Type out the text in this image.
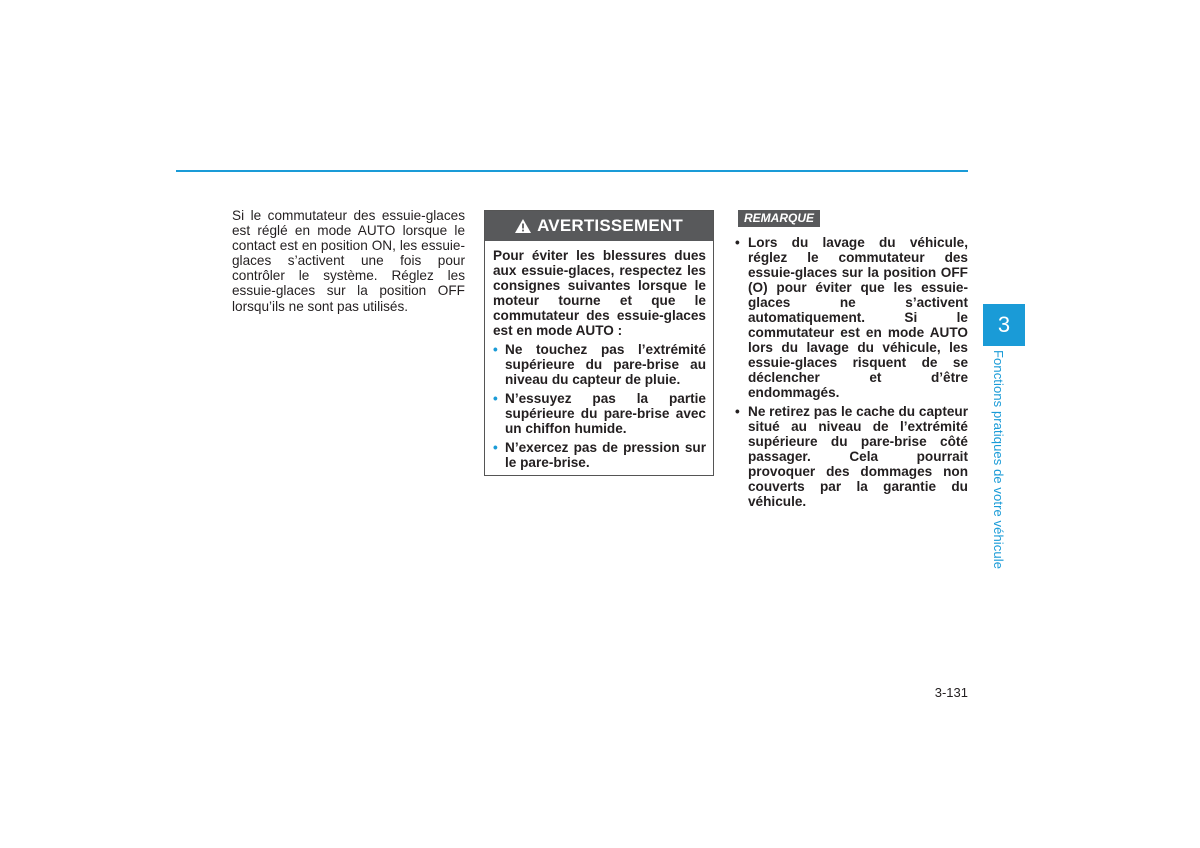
Si le commutateur des essuie-glaces est réglé en mode AUTO lorsque le contact est en position ON, les essuie-glaces s’activent une fois pour contrôler le système. Réglez les essuie-glaces sur la position OFF lorsqu’ils ne sont pas utilisés.
AVERTISSEMENT

Pour éviter les blessures dues aux essuie-glaces, respectez les consignes suivantes lorsque le moteur tourne et que le commutateur des essuie-glaces est en mode AUTO :

• Ne touchez pas l’extrémité supérieure du pare-brise au niveau du capteur de pluie.
• N’essuyez pas la partie supérieure du pare-brise avec un chiffon humide.
• N’exercez pas de pression sur le pare-brise.
REMARQUE
• Lors du lavage du véhicule, réglez le commutateur des essuie-glaces sur la position OFF (O) pour éviter que les essuie-glaces ne s’activent automatiquement. Si le commutateur est en mode AUTO lors du lavage du véhicule, les essuie-glaces risquent de se déclencher et d’être endommagés.
• Ne retirez pas le cache du capteur situé au niveau de l’extrémité supérieure du pare-brise côté passager. Cela pourrait provoquer des dommages non couverts par la garantie du véhicule.
3
Fonctions pratiques de votre véhicule
3-131
